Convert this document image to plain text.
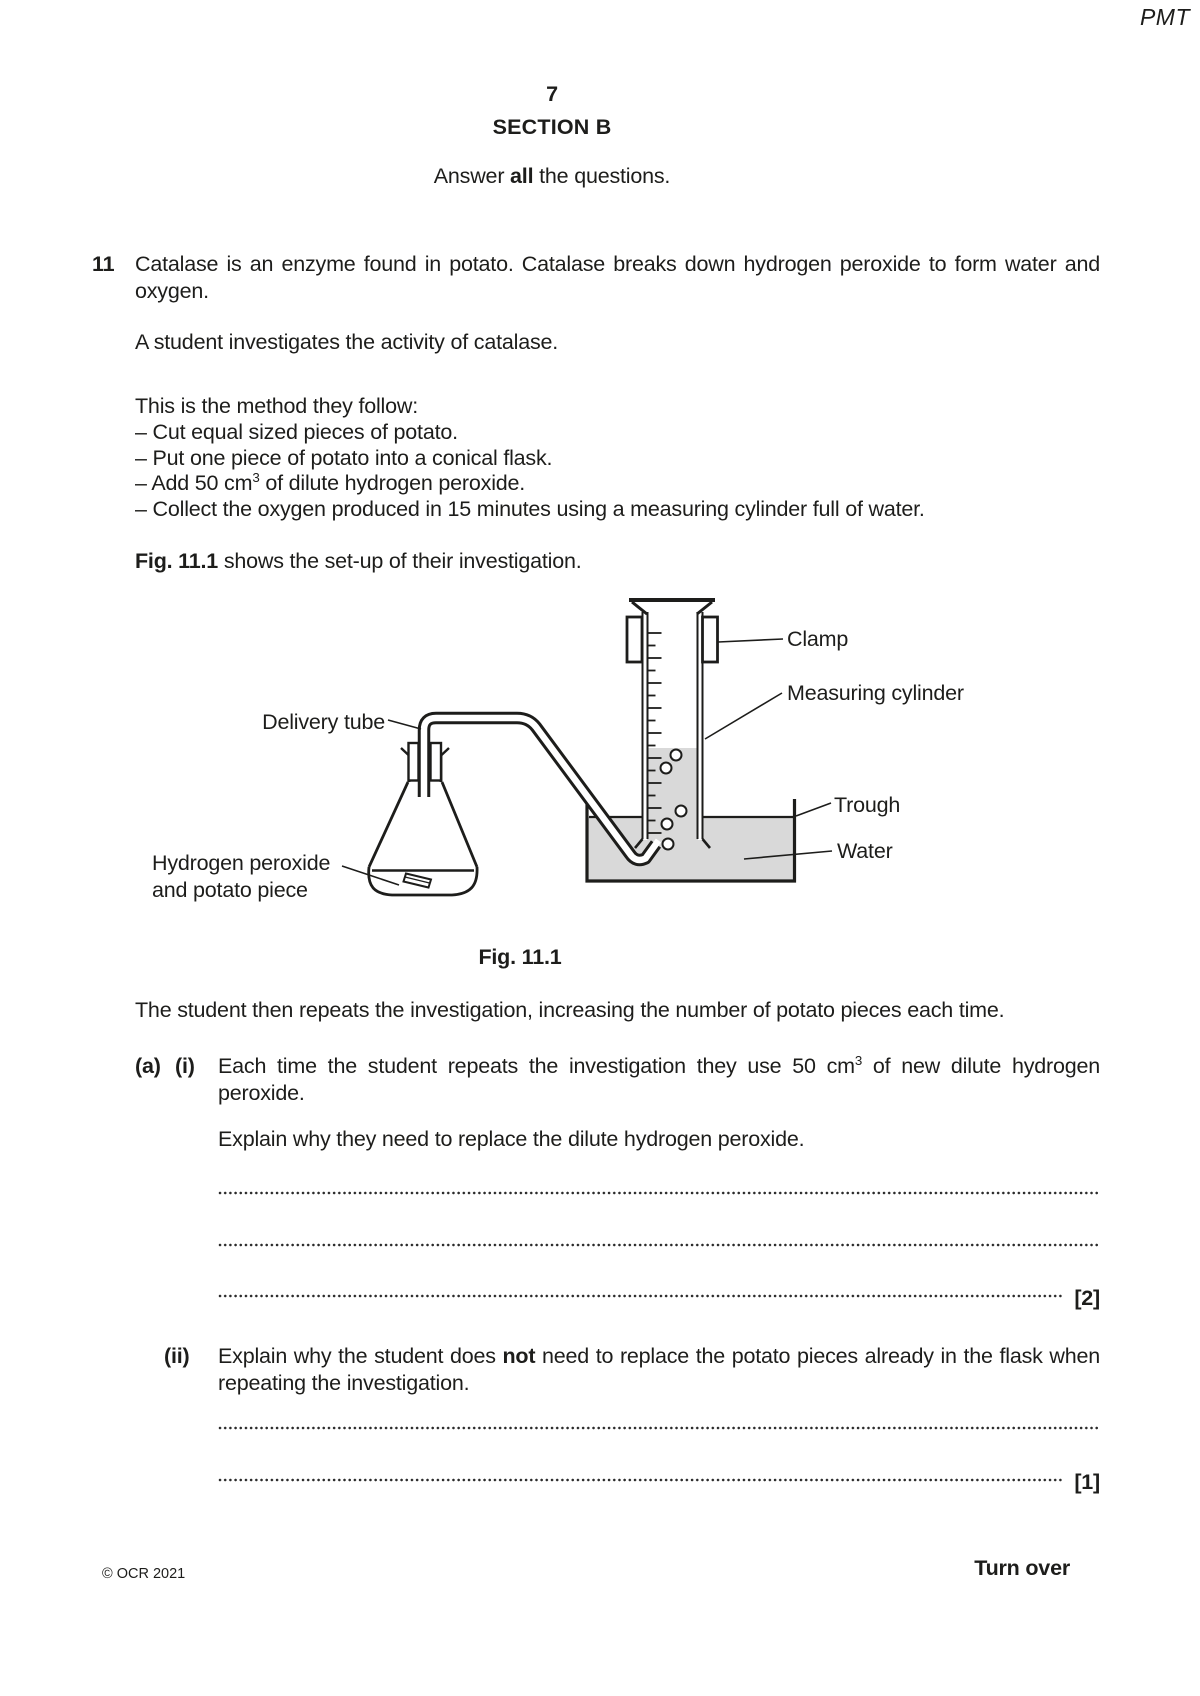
PMT
7
SECTION B
Answer all the questions.
11 Catalase is an enzyme found in potato. Catalase breaks down hydrogen peroxide to form water and oxygen.
A student investigates the activity of catalase.
This is the method they follow:
– Cut equal sized pieces of potato.
– Put one piece of potato into a conical flask.
– Add 50 $cm^3$ of dilute hydrogen peroxide.
– Collect the oxygen produced in 15 minutes using a measuring cylinder full of water.
Fig. 11.1 shows the set-up of their investigation.
Clamp
Measuring cylinder
Delivery tube
Trough
Water
Hydrogen peroxide
and potato piece
Fig. 11.1
The student then repeats the investigation, increasing the number of potato pieces each time.
(a) (i)	Each time the student repeats the investigation they use 50 $cm^3$ of new dilute hydrogen peroxide.
Explain why they need to replace the dilute hydrogen peroxide.
[2]
(ii)	Explain why the student does not need to replace the potato pieces already in the flask when repeating the investigation.
[1]
© OCR 2021	Turn over
